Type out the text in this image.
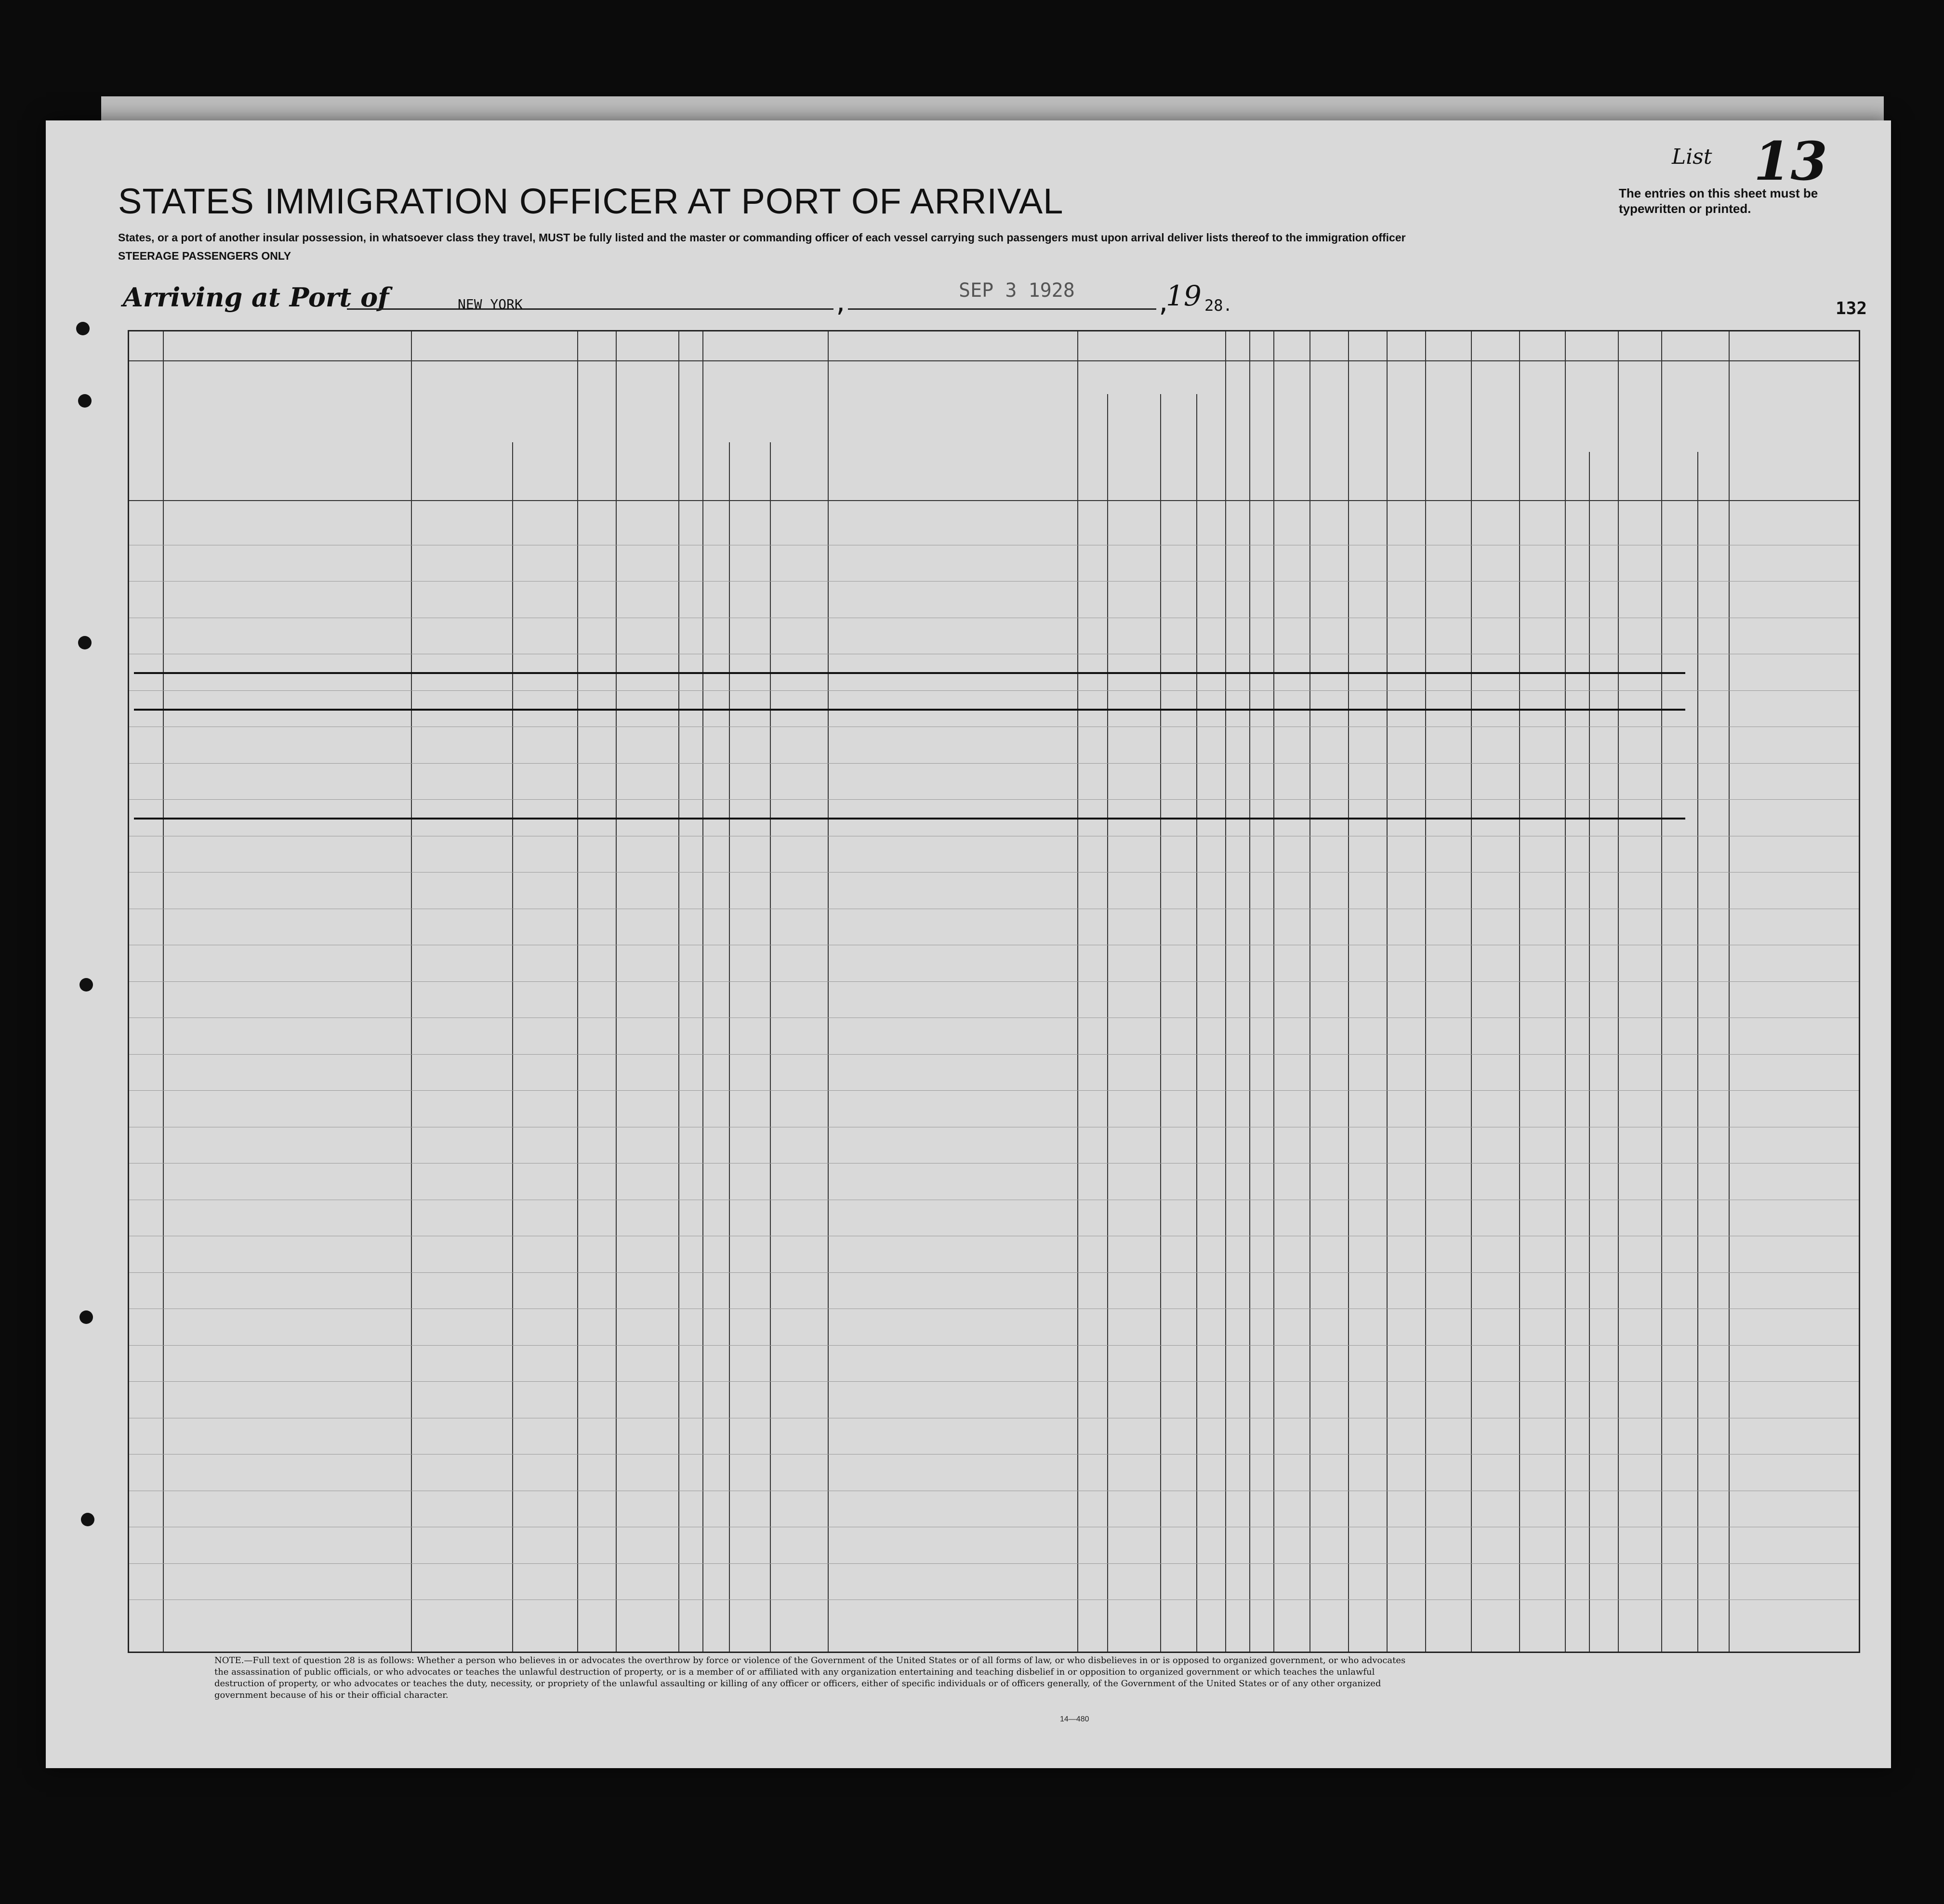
List 13
The entries on this sheet must be typewritten or printed.
STATES IMMIGRATION OFFICER AT PORT OF ARRIVAL
States, or a port of another insular possession, in whatsoever class they travel, MUST be fully listed and the master or commanding officer of each vessel carrying such passengers must upon arrival deliver lists thereof to the immigration officer
STEERAGE PASSENGERS ONLY
Arriving at Port of	NEW YORK	,	SEP 3 1928	,
19 28.	132
NOTE.—Full text of question 28 is as follows: Whether a person who believes in or advocates the overthrow by force or violence of the Government of the United States or of all forms of law, or who disbelieves in or is opposed to organized government, or who advocates the assassination of public officials, or who advocates or teaches the unlawful destruction of property, or is a member of or affiliated with any organization entertaining and teaching disbelief in or opposition to organized government or which teaches the unlawful destruction of property, or who advocates or teaches the duty, necessity, or propriety of the unlawful assaulting or killing of any officer or officers, either of specific individuals or of officers generally, of the Government of the United States or of any other organized government because of his or their official character.
14—480
